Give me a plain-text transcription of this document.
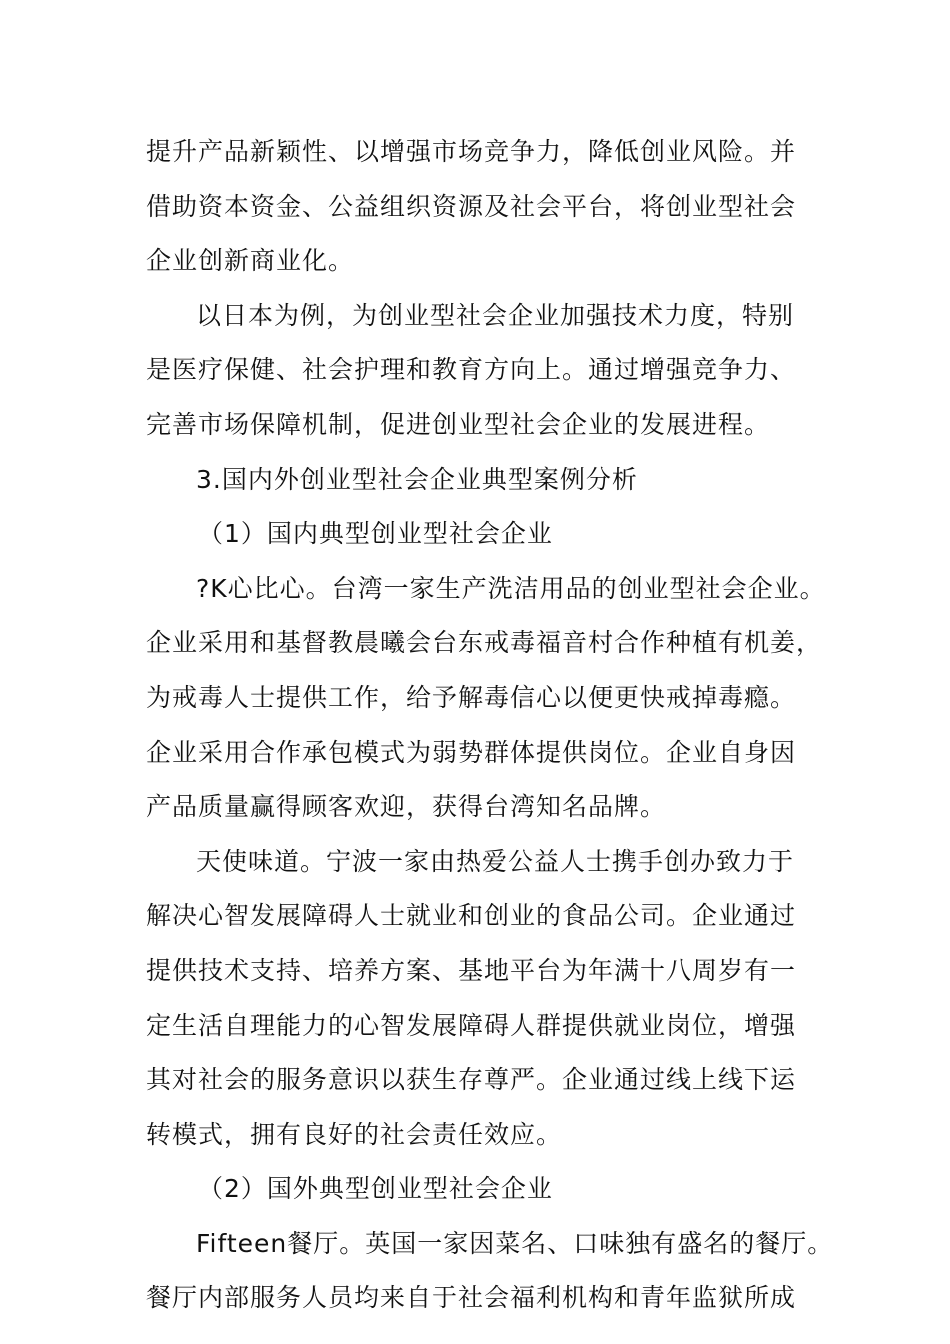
提升产品新颖性、以增强市场竞争力，降低创业风险。并
借助资本资金、公益组织资源及社会平台，将创业型社会
企业创新商业化。
以日本为例，为创业型社会企业加强技术力度，特别
是医疗保健、社会护理和教育方向上。通过增强竞争力、
完善市场保障机制，促进创业型社会企业的发展进程。
3.国内外创业型社会企业典型案例分析
（1）国内典型创业型社会企业
?K心比心。台湾一家生产洗洁用品的创业型社会企业。
企业采用和基督教晨曦会台东戒毒福音村合作种植有机姜，
为戒毒人士提供工作，给予解毒信心以便更快戒掉毒瘾。
企业采用合作承包模式为弱势群体提供岗位。企业自身因
产品质量赢得顾客欢迎，获得台湾知名品牌。
天使味道。宁波一家由热爱公益人士携手创办致力于
解决心智发展障碍人士就业和创业的食品公司。企业通过
提供技术支持、培养方案、基地平台为年满十八周岁有一
定生活自理能力的心智发展障碍人群提供就业岗位，增强
其对社会的服务意识以获生存尊严。企业通过线上线下运
转模式，拥有良好的社会责任效应。
（2）国外典型创业型社会企业
Fifteen餐厅。英国一家因菜名、口味独有盛名的餐厅。
餐厅内部服务人员均来自于社会福利机构和青年监狱所成
